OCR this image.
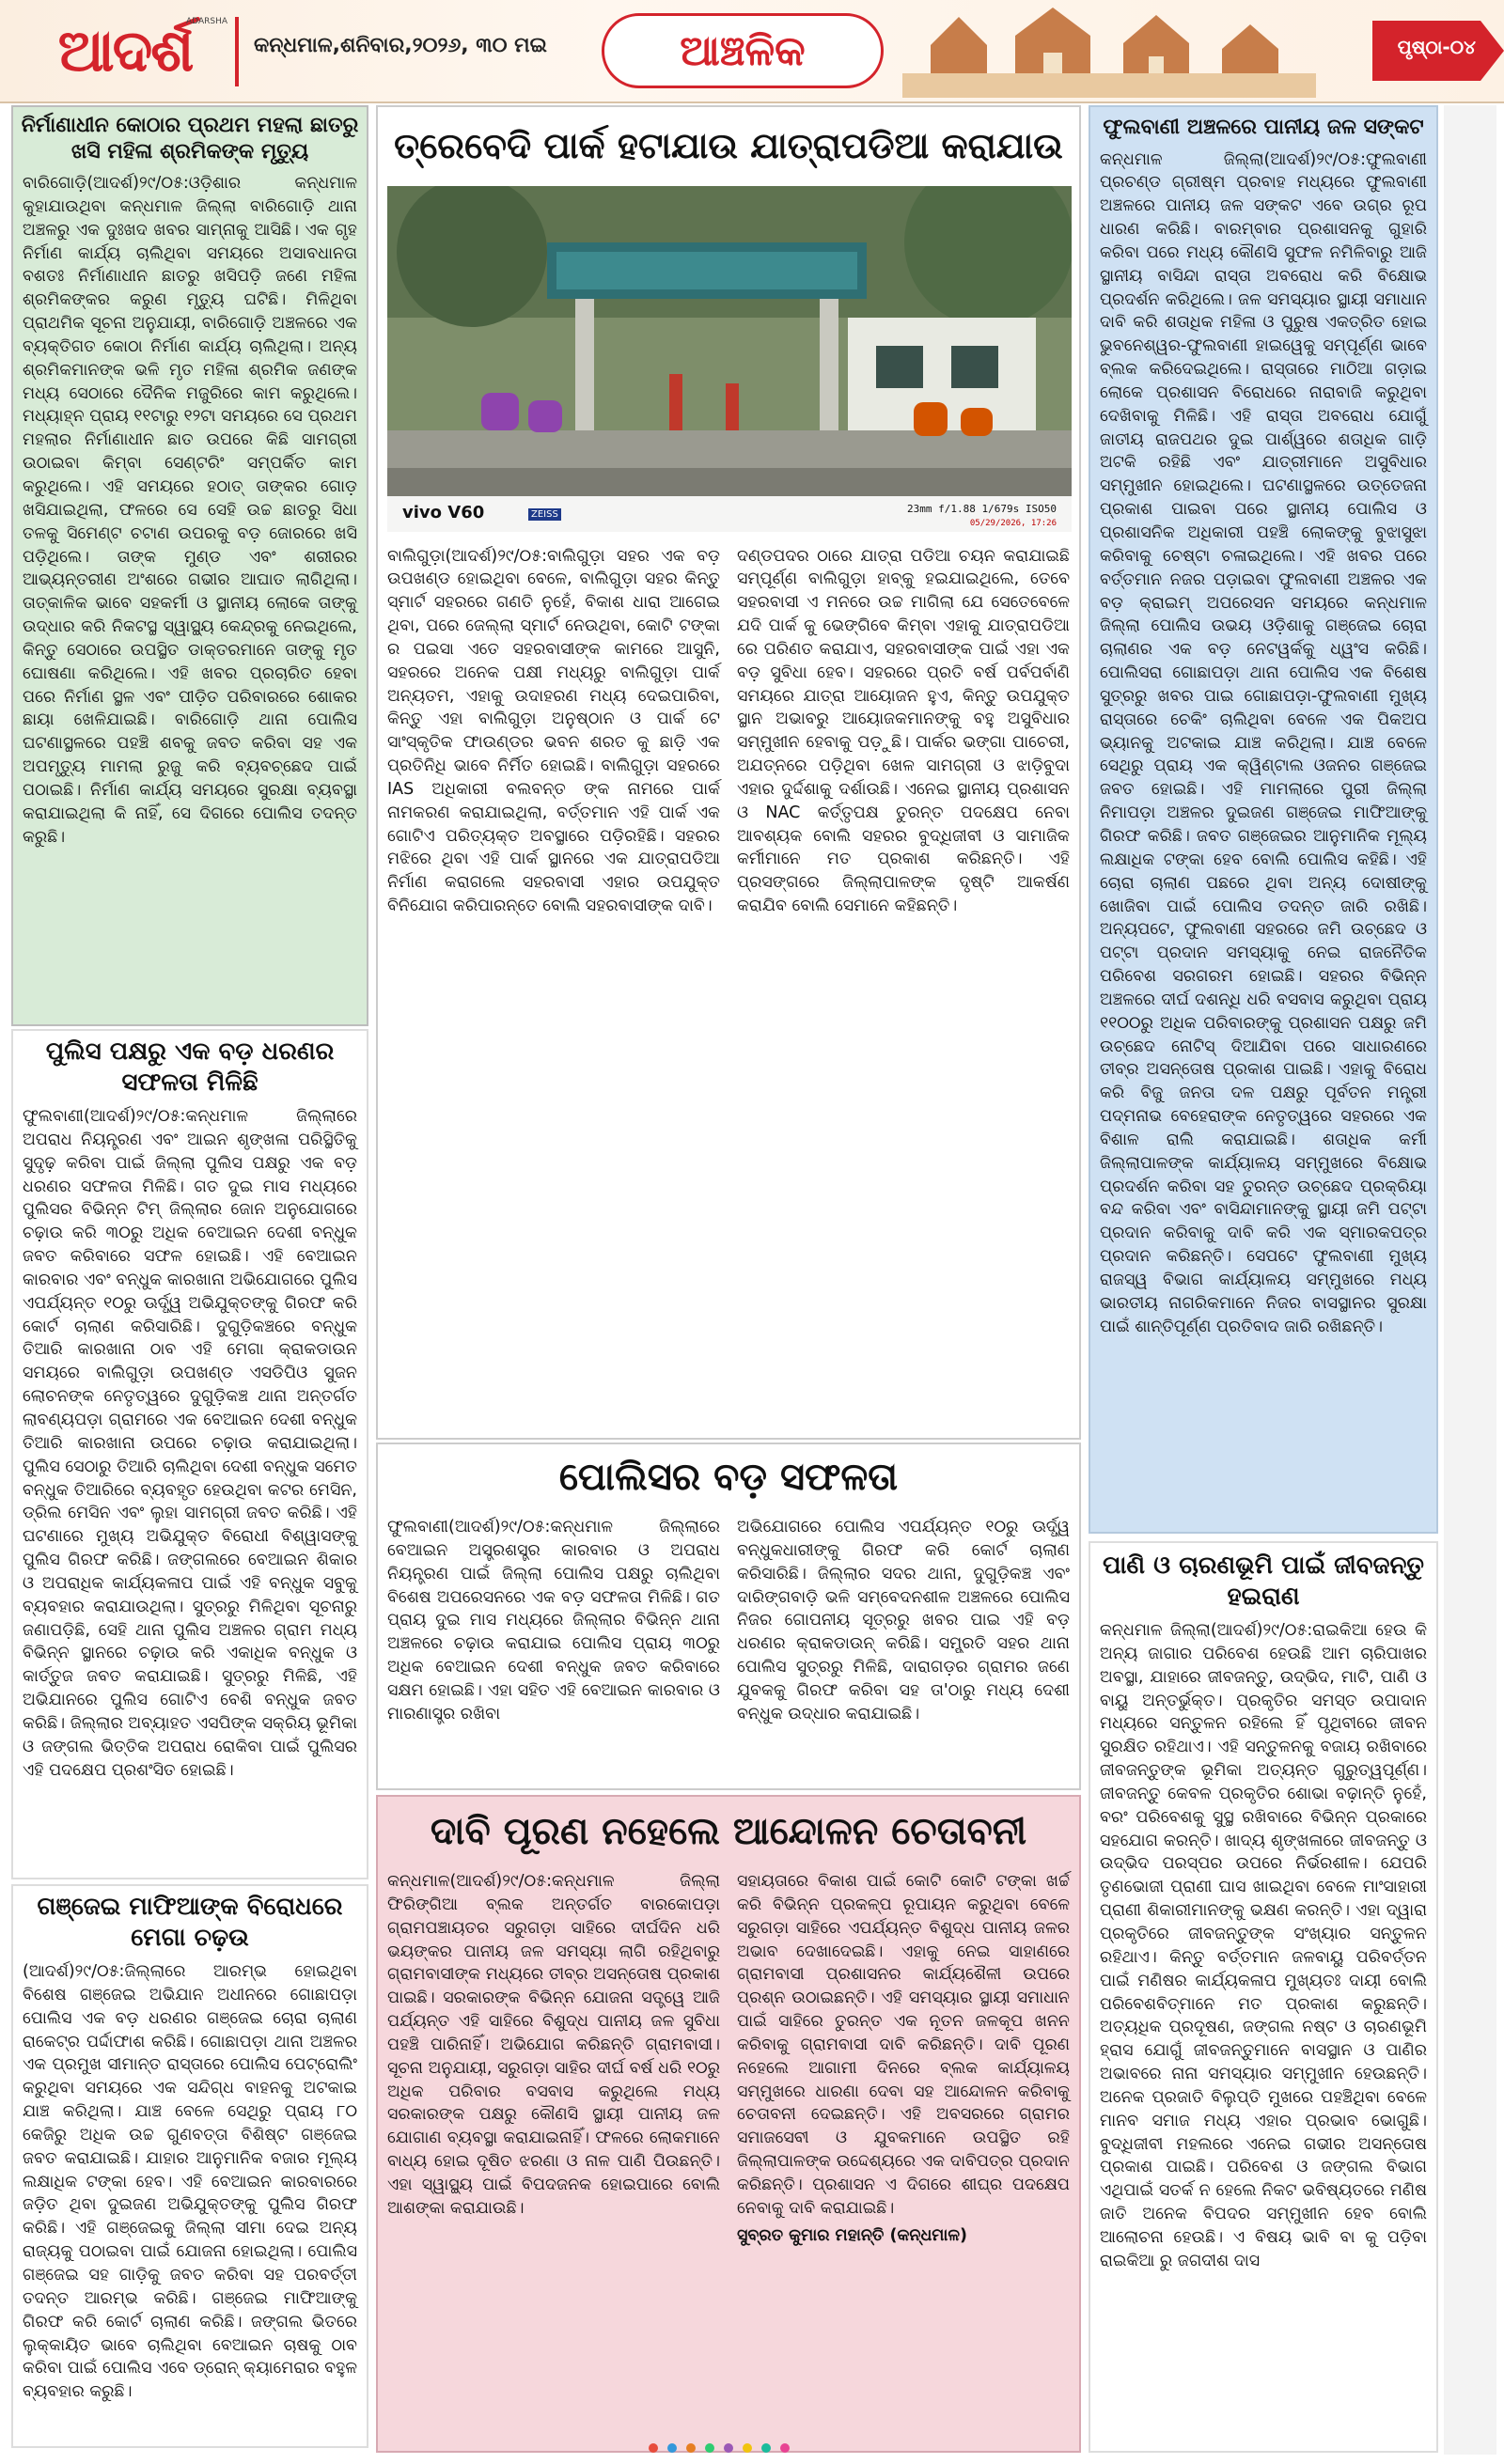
ଆଦର୍ଶ
ADARSHA
କନ୍ଧମାଳ,ଶନିବାର,୨୦୨୬, ୩୦ ମଇ	ଆଞ୍ଚଳିକ	ପୃଷ୍ଠା-୦୪
ନିର୍ମାଣାଧୀନ କୋଠାର ପ୍ରଥମ ମହଲା ଛାତରୁ ଖସି ମହିଳା ଶ୍ରମିକଙ୍କ ମୃତ୍ୟୁ

ବାରିଗୋଡ଼ି(ଆଦର୍ଶ)୨୯/୦୫:ଓଡ଼ିଶାର କନ୍ଧମାଳ କୁହାଯାଉଥିବା କନ୍ଧମାଳ ଜିଲ୍ଲା ବାରିଗୋଡ଼ି ଥାନା ଅଞ୍ଚଳରୁ ଏକ ଦୁଃଖଦ ଖବର ସାମ୍ନାକୁ ଆସିଛି। ଏକ ଗୃହ ନିର୍ମାଣ କାର୍ଯ୍ୟ ଚାଲିଥିବା ସମୟରେ ଅସାବଧାନତା ବଶତଃ ନିର୍ମାଣାଧୀନ ଛାତରୁ ଖସିପଡ଼ି ଜଣେ ମହିଳା ଶ୍ରମିକଙ୍କର କରୁଣ ମୃତ୍ୟୁ ଘଟିଛି। ମିଳିଥିବା ପ୍ରାଥମିକ ସୂଚନା ଅନୁଯାୟୀ, ବାରିଗୋଡ଼ି ଅଞ୍ଚଳରେ ଏକ ବ୍ୟକ୍ତିଗତ କୋଠା ନିର୍ମାଣ କାର୍ଯ୍ୟ ଚାଲିଥିଲା। ଅନ୍ୟ ଶ୍ରମିକମାନଙ୍କ ଭଳି ମୃତ ମହିଳା ଶ୍ରମିକ ଜଣଙ୍କ ମଧ୍ୟ ସେଠାରେ ଦୈନିକ ମଜୁରିରେ କାମ କରୁଥିଲେ। ମଧ୍ୟାହ୍ନ ପ୍ରାୟ ୧୧ଟାରୁ ୧୨ଟା ସମୟରେ ସେ ପ୍ରଥମ ମହଲାର ନିର୍ମାଣାଧୀନ ଛାତ ଉପରେ କିଛି ସାମଗ୍ରୀ ଉଠାଇବା କିମ୍ବା ସେଣ୍ଟରିଂ ସମ୍ପର୍କିତ କାମ କରୁଥିଲେ। ଏହି ସମୟରେ ହଠାତ୍ ତାଙ୍କର ଗୋଡ଼ ଖସିଯାଇଥିଲା, ଫଳରେ ସେ ସେହି ଉଚ୍ଚ ଛାତରୁ ସିଧା ତଳକୁ ସିମେଣ୍ଟ ଚଟାଣ ଉପରକୁ ବଡ଼ ଜୋରରେ ଖସି ପଡ଼ିଥିଲେ। ତାଙ୍କ ମୁଣ୍ଡ ଏବଂ ଶରୀରର ଆଭ୍ୟନ୍ତରୀଣ ଅଂଶରେ ଗଭୀର ଆଘାତ ଲାଗିଥିଲା। ତାତ୍କାଳିକ ଭାବେ ସହକର୍ମୀ ଓ ସ୍ଥାନୀୟ ଲୋକେ ତାଙ୍କୁ ଉଦ୍ଧାର କରି ନିକଟସ୍ଥ ସ୍ୱାସ୍ଥ୍ୟ କେନ୍ଦ୍ରକୁ ନେଇଥିଲେ, କିନ୍ତୁ ସେଠାରେ ଉପସ୍ଥିତ ଡାକ୍ତରମାନେ ତାଙ୍କୁ ମୃତ ଘୋଷଣା କରିଥିଲେ। ଏହି ଖବର ପ୍ରଚାରିତ ହେବା ପରେ ନିର୍ମାଣ ସ୍ଥଳ ଏବଂ ପୀଡ଼ିତ ପରିବାରରେ ଶୋକର ଛାୟା ଖେଳିଯାଇଛି। ବାରିଗୋଡ଼ି ଥାନା ପୋଲିସ ଘଟଣାସ୍ଥଳରେ ପହଞ୍ଚି ଶବକୁ ଜବତ କରିବା ସହ ଏକ ଅପମୃତ୍ୟୁ ମାମଲା ରୁଜୁ କରି ବ୍ୟବଚ୍ଛେଦ ପାଇଁ ପଠାଇଛି। ନିର୍ମାଣ କାର୍ଯ୍ୟ ସମୟରେ ସୁରକ୍ଷା ବ୍ୟବସ୍ଥା କରାଯାଇଥିଲା କି ନାହିଁ, ସେ ଦିଗରେ ପୋଲିସ ତଦନ୍ତ କରୁଛି।

ପୁଲିସ ପକ୍ଷରୁ ଏକ ବଡ଼ ଧରଣର ସଫଳତା ମିଳିଛି

ଫୁଲବାଣୀ(ଆଦର୍ଶ)୨୯/୦୫:କନ୍ଧମାଳ ଜିଲ୍ଲାରେ ଅପରାଧ ନିୟନ୍ତ୍ରଣ ଏବଂ ଆଇନ ଶୃଙ୍ଖଳା ପରିସ୍ଥିତିକୁ ସୁଦୃଢ଼ କରିବା ପାଇଁ ଜିଲ୍ଲା ପୁଲିସ ପକ୍ଷରୁ ଏକ ବଡ଼ ଧରଣର ସଫଳତା ମିଳିଛି। ଗତ ଦୁଇ ମାସ ମଧ୍ୟରେ ପୁଲିସର ବିଭିନ୍ନ ଟିମ୍ ଜିଲ୍ଲାର ଜୋନ ଅନୁଯୋଗରେ ଚଢ଼ାଉ କରି ୩୦ରୁ ଅଧିକ ବେଆଇନ ଦେଶୀ ବନ୍ଧୁକ ଜବତ କରିବାରେ ସଫଳ ହୋଇଛି। ଏହି ବେଆଇନ କାରବାର ଏବଂ ବନ୍ଧୁକ କାରଖାନା ଅଭିଯୋଗରେ ପୁଲିସ ଏପର୍ଯ୍ୟନ୍ତ ୧୦ରୁ ଊର୍ଦ୍ଧ୍ୱ ଅଭିଯୁକ୍ତଙ୍କୁ ଗିରଫ କରି କୋର୍ଟ ଚାଲାଣ କରିସାରିଛି। ଦୁଗୁଡ଼ିକଞ୍ଚରେ ବନ୍ଧୁକ ତିଆରି କାରଖାନା ଠାବ ଏହି ମେଗା କ୍ରାକଡାଉନ ସମୟରେ ବାଲିଗୁଡ଼ା ଉପଖଣ୍ଡ ଏସଡିପିଓ ସୁଜନ ଲୋଚନଙ୍କ ନେତୃତ୍ୱରେ ଦୁଗୁଡ଼ିକଞ୍ଚ ଥାନା ଅନ୍ତର୍ଗତ ଲାବଣ୍ୟପଡ଼ା ଗ୍ରାମରେ ଏକ ବେଆଇନ ଦେଶୀ ବନ୍ଧୁକ ତିଆରି କାରଖାନା ଉପରେ ଚଢ଼ାଉ କରାଯାଇଥିଲା। ପୁଲିସ ସେଠାରୁ ତିଆରି ଚାଲିଥିବା ଦେଶୀ ବନ୍ଧୁକ ସମେତ ବନ୍ଧୁକ ତିଆରିରେ ବ୍ୟବହୃତ ହେଉଥିବା କଟର ମେସିନ, ଡ୍ରିଲ ମେସିନ ଏବଂ ଲୁହା ସାମଗ୍ରୀ ଜବତ କରିଛି। ଏହି ଘଟଣାରେ ମୁଖ୍ୟ ଅଭିଯୁକ୍ତ ବିରୋଧୀ ବିଶ୍ୱାସଙ୍କୁ ପୁଲିସ ଗିରଫ କରିଛି। ଜଙ୍ଗଲରେ ବେଆଇନ ଶିକାର ଓ ଅପରାଧିକ କାର୍ଯ୍ୟକଳାପ ପାଇଁ ଏହି ବନ୍ଧୁକ ସବୁକୁ ବ୍ୟବହାର କରାଯାଉଥିଲା। ସୁତ୍ରରୁ ମିଳିଥିବା ସୂଚନାରୁ ଜଣାପଡ଼ିଛି, ସେହି ଥାନା ପୁଲିସ ଅଞ୍ଚଳର ଗ୍ରାମ ମଧ୍ୟ ବିଭିନ୍ନ ସ୍ଥାନରେ ଚଢ଼ାଉ କରି ଏକାଧିକ ବନ୍ଧୁକ ଓ କାର୍ତ୍ତୁଜ ଜବତ କରାଯାଇଛି। ସୁତ୍ରରୁ ମିଳିଛି, ଏହି ଅଭିଯାନରେ ପୁଲିସ ଗୋଟିଏ ବେଶି ବନ୍ଧୁକ ଜବତ କରିଛି। ଜିଲ୍ଲାର ଅବ୍ୟାହତ ଏସପିଙ୍କ ସକ୍ରିୟ ଭୂମିକା ଓ ଜଙ୍ଗଲ ଭିତ୍ତିକ ଅପରାଧ ରୋକିବା ପାଇଁ ପୁଲିସର ଏହି ପଦକ୍ଷେପ ପ୍ରଶଂସିତ ହୋଇଛି।

ଗଞ୍ଜେଇ ମାଫିଆଙ୍କ ବିରୋଧରେ ମେଗା ଚଢ଼ଉ

(ଆଦର୍ଶ)୨୯/୦୫:ଜିଲ୍ଲାରେ ଆରମ୍ଭ ହୋଇଥିବା ବିଶେଷ ଗଞ୍ଜେଇ ଅଭିଯାନ ଅଧୀନରେ ଗୋଛାପଡ଼ା ପୋଲିସ ଏକ ବଡ଼ ଧରଣର ଗଞ୍ଜେଇ ଚୋରା ଚାଲାଣ ରାକେଟ୍‌ର ପର୍ଦ୍ଦାଫାଶ କରିଛି। ଗୋଛାପଡ଼ା ଥାନା ଅଞ୍ଚଳର ଏକ ପ୍ରମୁଖ ସୀମାନ୍ତ ରାସ୍ତାରେ ପୋଲିସ ପେଟ୍ରୋଲିଂ କରୁଥିବା ସମୟରେ ଏକ ସନ୍ଦିଗ୍ଧ ବାହନକୁ ଅଟକାଇ ଯାଞ୍ଚ କରିଥିଲା। ଯାଞ୍ଚ ବେଳେ ସେଥିରୁ ପ୍ରାୟ ୮୦ କେଜିରୁ ଅଧିକ ଉଚ୍ଚ ଗୁଣବତ୍ତା ବିଶିଷ୍ଟ ଗଞ୍ଜେଇ ଜବତ କରାଯାଇଛି। ଯାହାର ଆନୁମାନିକ ବଜାର ମୂଲ୍ୟ ଲକ୍ଷାଧିକ ଟଙ୍କା ହେବ। ଏହି ବେଆଇନ କାରବାରରେ ଜଡ଼ିତ ଥିବା ଦୁଇଜଣ ଅଭିଯୁକ୍ତଙ୍କୁ ପୁଲିସ ଗିରଫ କରିଛି। ଏହି ଗଞ୍ଜେଇକୁ ଜିଲ୍ଲା ସୀମା ଦେଇ ଅନ୍ୟ ରାଜ୍ୟକୁ ପଠାଇବା ପାଇଁ ଯୋଜନା ହୋଇଥିଲା। ପୋଲିସ ଗଞ୍ଜେଇ ସହ ଗାଡ଼ିକୁ ଜବତ କରିବା ସହ ପରବର୍ତ୍ତୀ ତଦନ୍ତ ଆରମ୍ଭ କରିଛି। ଗଞ୍ଜେଇ ମାଫିଆଙ୍କୁ ଗିରଫ କରି କୋର୍ଟ ଚାଲାଣ କରିଛି। ଜଙ୍ଗଲ ଭିତରେ ଲୁକ୍କାୟିତ ଭାବେ ଚାଲିଥିବା ବେଆଇନ ଚାଷକୁ ଠାବ କରିବା ପାଇଁ ପୋଲିସ ଏବେ ଡ୍ରୋନ୍ କ୍ୟାମେରାର ବହୁଳ ବ୍ୟବହାର କରୁଛି।

ତ୍ରେବେଦି ପାର୍କ ହଟାଯାଉ ଯାତ୍ରାପଡିଆ କରାଯାଉ
vivo V60	ZEISS	23mm f/1.88 1/679s ISO50
05/29/2026, 17:26

ବାଲିଗୁଡ଼ା(ଆଦର୍ଶ)୨୯/୦୫:ବାଲିଗୁଡ଼ା ସହର ଏକ ବଡ଼ ଉପଖଣ୍ଡ ହୋଇଥିବା ବେଳେ, ବାଲିଗୁଡ଼ା ସହର କିନ୍ତୁ ସ୍ମାର୍ଟ ସହରରେ ଗଣତି ନୁହେଁ, ବିକାଶ ଧାରା ଆଗେଇ ଥିବା, ପରେ ଜେଲ୍ଲା ସ୍ମାର୍ଟ ନେଉଥିବା, କୋଟି ଟଙ୍କା ର ପଇସା ଏତେ ସହରବାସୀଙ୍କ କାମରେ ଆସୁନି, ସହରରେ ଅନେକ ପକ୍ଷୀ ମଧ୍ୟରୁ ବାଲିଗୁଡ଼ା ପାର୍କ ଅନ୍ୟତମ, ଏହାକୁ ଉଦାହରଣ ମଧ୍ୟ ଦେଇପାରିବା, କିନ୍ତୁ ଏହା ବାଲିଗୁଡ଼ା ଅନୁଷ୍ଠାନ ଓ ପାର୍କ ଟେ ସାଂସ୍କୃତିକ ଫାଉଣ୍ଡର ଭବନ ଶରତ କୁ ଛାଡ଼ି ଏକ ପ୍ରତିନିଧି ଭାବେ ନିର୍ମିତ ହୋଇଛି। ବାଲିଗୁଡ଼ା ସହରରେ IAS ଅଧିକାରୀ ବଲବନ୍ତ ଙ୍କ ନାମରେ ପାର୍କ ନାମକରଣ କରାଯାଇଥିଲା, ବର୍ତ୍ତମାନ ଏହି ପାର୍କ ଏକ ଗୋଟିଏ ପରିତ୍ୟକ୍ତ ଅବସ୍ଥାରେ ପଡ଼ିରହିଛି। ସହରର ମଝିରେ ଥିବା ଏହି ପାର୍କ ସ୍ଥାନରେ ଏକ ଯାତ୍ରାପଡିଆ ନିର୍ମାଣ କରାଗଲେ ସହରବାସୀ ଏହାର ଉପଯୁକ୍ତ ବିନିଯୋଗ କରିପାରନ୍ତେ ବୋଲି ସହରବାସୀଙ୍କ ଦାବି।

ଦଣ୍ଡପଦର ଠାରେ ଯାତ୍ରା ପଡିଆ ଚୟନ କରାଯାଇଛି ସମ୍ପୂର୍ଣ୍ଣ ବାଲିଗୁଡ଼ା ହାବ୍‌କୁ ହଇଯାଇଥିଲେ, ତେବେ ସହରବାସୀ ଏ ମନରେ ଉଚ୍ଚ ମାଗିଲା ଯେ ସେତେବେଳେ ଯଦି ପାର୍କ କୁ ଭେଙ୍ଗିବେ କିମ୍ବା ଏହାକୁ ଯାତ୍ରାପଡିଆ ରେ ପରିଣତ କରାଯାଏ, ସହରବାସୀଙ୍କ ପାଇଁ ଏହା ଏକ ବଡ଼ ସୁବିଧା ହେବ। ସହରରେ ପ୍ରତି ବର୍ଷ ପର୍ବପର୍ବାଣି ସମୟରେ ଯାତ୍ରା ଆୟୋଜନ ହୁଏ, କିନ୍ତୁ ଉପଯୁକ୍ତ ସ୍ଥାନ ଅଭାବରୁ ଆୟୋଜକମାନଙ୍କୁ ବହୁ ଅସୁବିଧାର ସମ୍ମୁଖୀନ ହେବାକୁ ପଡ଼ୁଛି। ପାର୍କର ଭଙ୍ଗା ପାଚେରୀ, ଅଯତ୍ନରେ ପଡ଼ିଥିବା ଖେଳ ସାମଗ୍ରୀ ଓ ଝାଡ଼ିବୁଦା ଏହାର ଦୁର୍ଦ୍ଦଶାକୁ ଦର୍ଶାଉଛି। ଏନେଇ ସ୍ଥାନୀୟ ପ୍ରଶାସନ ଓ NAC କର୍ତ୍ତୃପକ୍ଷ ତୁରନ୍ତ ପଦକ୍ଷେପ ନେବା ଆବଶ୍ୟକ ବୋଲି ସହରର ବୁଦ୍ଧିଜୀବୀ ଓ ସାମାଜିକ କର୍ମୀମାନେ ମତ ପ୍ରକାଶ କରିଛନ୍ତି। ଏହି ପ୍ରସଙ୍ଗରେ ଜିଲ୍ଲାପାଳଙ୍କ ଦୃଷ୍ଟି ଆକର୍ଷଣ କରାଯିବ ବୋଲି ସେମାନେ କହିଛନ୍ତି।

ପୋଲିସର ବଡ଼ ସଫଳତା

ଫୁଲବାଣୀ(ଆଦର୍ଶ)୨୯/୦୫:କନ୍ଧମାଳ ଜିଲ୍ଲାରେ ବେଆଇନ ଅସ୍ତ୍ରଶସ୍ତ୍ର କାରବାର ଓ ଅପରାଧ ନିୟନ୍ତ୍ରଣ ପାଇଁ ଜିଲ୍ଲା ପୋଲିସ ପକ୍ଷରୁ ଚାଲିଥିବା ବିଶେଷ ଅପରେସନରେ ଏକ ବଡ଼ ସଫଳତା ମିଳିଛି। ଗତ ପ୍ରାୟ ଦୁଇ ମାସ ମଧ୍ୟରେ ଜିଲ୍ଲାର ବିଭିନ୍ନ ଥାନା ଅଞ୍ଚଳରେ ଚଢ଼ାଉ କରାଯାଇ ପୋଲିସ ପ୍ରାୟ ୩୦ରୁ ଅଧିକ ବେଆଇନ ଦେଶୀ ବନ୍ଧୁକ ଜବତ କରିବାରେ ସକ୍ଷମ ହୋଇଛି। ଏହା ସହିତ ଏହି ବେଆଇନ କାରବାର ଓ ମାରଣାସ୍ତ୍ର ରଖିବା

ଅଭିଯୋଗରେ ପୋଲିସ ଏପର୍ଯ୍ୟନ୍ତ ୧୦ରୁ ଊର୍ଦ୍ଧ୍ୱ ବନ୍ଧୁକଧାରୀଙ୍କୁ ଗିରଫ କରି କୋର୍ଟ ଚାଲାଣ କରିସାରିଛି। ଜିଲ୍ଲାର ସଦର ଥାନା, ଦୁଗୁଡ଼ିକଞ୍ଚ ଏବଂ ଦାରିଙ୍ଗବାଡ଼ି ଭଳି ସମ୍ବେଦନଶୀଳ ଅଞ୍ଚଳରେ ପୋଲିସ ନିଜର ଗୋପନୀୟ ସୂତ୍ରରୁ ଖବର ପାଇ ଏହି ବଡ଼ ଧରଣର କ୍ରାକଡାଉନ୍ କରିଛି। ସମ୍ପ୍ରତି ସହର ଥାନା ପୋଲିସ ସୁତ୍ରରୁ ମିଳିଛି, ଦାରାଗଡ଼ର ଗ୍ରାମର ଜଣେ ଯୁବକକୁ ଗିରଫ କରିବା ସହ ତା'ଠାରୁ ମଧ୍ୟ ଦେଶୀ ବନ୍ଧୁକ ଉଦ୍ଧାର କରାଯାଇଛି।

ଦାବି ପୂରଣ ନହେଲେ ଆନ୍ଦୋଳନ ଚେତାବନୀ

କନ୍ଧମାଳ(ଆଦର୍ଶ)୨୯/୦୫:କନ୍ଧମାଳ ଜିଲ୍ଲା ଫିରିଙ୍ଗିଆ ବ୍ଲକ ଅନ୍ତର୍ଗତ ବାରକୋପଡ଼ା ଗ୍ରାମପଞ୍ଚାୟତର ସରୁଗଡ଼ା ସାହିରେ ଦୀର୍ଘଦିନ ଧରି ଭୟଙ୍କର ପାନୀୟ ଜଳ ସମସ୍ୟା ଲାଗି ରହିଥିବାରୁ ଗ୍ରାମବାସୀଙ୍କ ମଧ୍ୟରେ ତୀବ୍ର ଅସନ୍ତୋଷ ପ୍ରକାଶ ପାଇଛି। ସରକାରଙ୍କ ବିଭିନ୍ନ ଯୋଜନା ସତ୍ତ୍ୱେ ଆଜି ପର୍ଯ୍ୟନ୍ତ ଏହି ସାହିରେ ବିଶୁଦ୍ଧ ପାନୀୟ ଜଳ ସୁବିଧା ପହଞ୍ଚି ପାରିନାହିଁ। ଅଭିଯୋଗ କରିଛନ୍ତି ଗ୍ରାମବାସୀ। ସୂଚନା ଅନୁଯାୟୀ, ସରୁଗଡ଼ା ସାହିର ଦୀର୍ଘ ବର୍ଷ ଧରି ୧୦ରୁ ଅଧିକ ପରିବାର ବସବାସ କରୁଥିଲେ ମଧ୍ୟ ସରକାରଙ୍କ ପକ୍ଷରୁ କୌଣସି ସ୍ଥାୟୀ ପାନୀୟ ଜଳ ଯୋଗାଣ ବ୍ୟବସ୍ଥା କରାଯାଇନାହିଁ। ଫଳରେ ଲୋକମାନେ ବାଧ୍ୟ ହୋଇ ଦୂଷିତ ଝରଣା ଓ ନାଳ ପାଣି ପିଉଛନ୍ତି। ଏହା ସ୍ୱାସ୍ଥ୍ୟ ପାଇଁ ବିପଦଜନକ ହୋଇପାରେ ବୋଲି ଆଶଙ୍କା କରାଯାଉଛି।

ସହାୟତାରେ ବିକାଶ ପାଇଁ କୋଟି କୋଟି ଟଙ୍କା ଖର୍ଚ୍ଚ କରି ବିଭିନ୍ନ ପ୍ରକଳ୍ପ ରୂପାୟନ କରୁଥିବା ବେଳେ ସରୁଗଡ଼ା ସାହିରେ ଏପର୍ଯ୍ୟନ୍ତ ବିଶୁଦ୍ଧ ପାନୀୟ ଜଳର ଅଭାବ ଦେଖାଦେଇଛି। ଏହାକୁ ନେଇ ସାହାଣରେ ଗ୍ରାମବାସୀ ପ୍ରଶାସନର କାର୍ଯ୍ୟଶୈଳୀ ଉପରେ ପ୍ରଶ୍ନ ଉଠାଇଛନ୍ତି। ଏହି ସମସ୍ୟାର ସ୍ଥାୟୀ ସମାଧାନ ପାଇଁ ସାହିରେ ତୁରନ୍ତ ଏକ ନୂତନ ଜଳକୂପ ଖନନ କରିବାକୁ ଗ୍ରାମବାସୀ ଦାବି କରିଛନ୍ତି। ଦାବି ପୂରଣ ନହେଲେ ଆଗାମୀ ଦିନରେ ବ୍ଲକ କାର୍ଯ୍ୟାଳୟ ସମ୍ମୁଖରେ ଧାରଣା ଦେବା ସହ ଆନ୍ଦୋଳନ କରିବାକୁ ଚେତାବନୀ ଦେଇଛନ୍ତି। ଏହି ଅବସରରେ ଗ୍ରାମର ସମାଜସେବୀ ଓ ଯୁବକମାନେ ଉପସ୍ଥିତ ରହି ଜିଲ୍ଲାପାଳଙ୍କ ଉଦ୍ଦେଶ୍ୟରେ ଏକ ଦାବିପତ୍ର ପ୍ରଦାନ କରିଛନ୍ତି। ପ୍ରଶାସନ ଏ ଦିଗରେ ଶୀଘ୍ର ପଦକ୍ଷେପ ନେବାକୁ ଦାବି କରାଯାଇଛି।

ସୁବ୍ରତ କୁମାର ମହାନ୍ତି (କନ୍ଧମାଳ)

ଫୁଲବାଣୀ ଅଞ୍ଚଳରେ ପାନୀୟ ଜଳ ସଙ୍କଟ

କନ୍ଧମାଳ ଜିଲ୍ଲା(ଆଦର୍ଶ)୨୯/୦୫:ଫୁଲବାଣୀ ପ୍ରଚଣ୍ଡ ଗ୍ରୀଷ୍ମ ପ୍ରବାହ ମଧ୍ୟରେ ଫୁଲବାଣୀ ଅଞ୍ଚଳରେ ପାନୀୟ ଜଳ ସଙ୍କଟ ଏବେ ଉଗ୍ର ରୂପ ଧାରଣ କରିଛି। ବାରମ୍ବାର ପ୍ରଶାସନକୁ ଗୁହାରି କରିବା ପରେ ମଧ୍ୟ କୌଣସି ସୁଫଳ ନମିଳିବାରୁ ଆଜି ସ୍ଥାନୀୟ ବାସିନ୍ଦା ରାସ୍ତା ଅବରୋଧ କରି ବିକ୍ଷୋଭ ପ୍ରଦର୍ଶନ କରିଥିଲେ। ଜଳ ସମସ୍ୟାର ସ୍ଥାୟୀ ସମାଧାନ ଦାବି କରି ଶତାଧିକ ମହିଳା ଓ ପୁରୁଷ ଏକତ୍ରିତ ହୋଇ ଭୁବନେଶ୍ୱର-ଫୁଲବାଣୀ ହାଇୱେକୁ ସମ୍ପୂର୍ଣ୍ଣ ଭାବେ ବ୍ଲକ କରିଦେଇଥିଲେ। ରାସ୍ତାରେ ମାଠିଆ ଗଡ଼ାଇ ଲୋକେ ପ୍ରଶାସନ ବିରୋଧରେ ନାରାବାଜି କରୁଥିବା ଦେଖିବାକୁ ମିଳିଛି। ଏହି ରାସ୍ତା ଅବରୋଧ ଯୋଗୁଁ ଜାତୀୟ ରାଜପଥର ଦୁଇ ପାର୍ଶ୍ୱରେ ଶତାଧିକ ଗାଡ଼ି ଅଟକି ରହିଛି ଏବଂ ଯାତ୍ରୀମାନେ ଅସୁବିଧାର ସମ୍ମୁଖୀନ ହୋଇଥିଲେ। ଘଟଣାସ୍ଥଳରେ ଉତ୍ତେଜନା ପ୍ରକାଶ ପାଇବା ପରେ ସ୍ଥାନୀୟ ପୋଲିସ ଓ ପ୍ରଶାସନିକ ଅଧିକାରୀ ପହଞ୍ଚି ଲୋକଙ୍କୁ ବୁଝାସୁଝା କରିବାକୁ ଚେଷ୍ଟା ଚଳାଇଥିଲେ। ଏହି ଖବର ପରେ ବର୍ତ୍ତମାନ ନଜର ପଡ଼ାଇବା ଫୁଲବାଣୀ ଅଞ୍ଚଳର ଏକ ବଡ଼ କ୍ରାଇମ୍ ଅପରେସନ ସମୟରେ କନ୍ଧମାଳ ଜିଲ୍ଲା ପୋଲିସ ଉଭୟ ଓଡ଼ିଶାକୁ ଗଞ୍ଜେଇ ଚୋରା ଚାଲାଣର ଏକ ବଡ଼ ନେଟୱର୍କକୁ ଧ୍ୱଂସ କରିଛି। ପୋଲିସରା ଗୋଛାପଡ଼ା ଥାନା ପୋଲିସ ଏକ ବିଶେଷ ସୁତ୍ରରୁ ଖବର ପାଇ ଗୋଛାପଡ଼ା-ଫୁଲବାଣୀ ମୁଖ୍ୟ ରାସ୍ତାରେ ଚେକିଂ ଚାଲିଥିବା ବେଳେ ଏକ ପିକଅପ ଭ୍ୟାନକୁ ଅଟକାଇ ଯାଞ୍ଚ କରିଥିଲା। ଯାଞ୍ଚ ବେଳେ ସେଥିରୁ ପ୍ରାୟ ଏକ କ୍ୱିଣ୍ଟାଲ ଓଜନର ଗଞ୍ଜେଇ ଜବତ ହୋଇଛି। ଏହି ମାମଲାରେ ପୁରୀ ଜିଲ୍ଲା ନିମାପଡ଼ା ଅଞ୍ଚଳର ଦୁଇଜଣ ଗଞ୍ଜେଇ ମାଫିଆଙ୍କୁ ଗିରଫ କରିଛି। ଜବତ ଗଞ୍ଜେଇର ଆନୁମାନିକ ମୂଲ୍ୟ ଲକ୍ଷାଧିକ ଟଙ୍କା ହେବ ବୋଲି ପୋଲିସ କହିଛି। ଏହି ଚୋରା ଚାଲାଣ ପଛରେ ଥିବା ଅନ୍ୟ ଦୋଷୀଙ୍କୁ ଖୋଜିବା ପାଇଁ ପୋଲିସ ତଦନ୍ତ ଜାରି ରଖିଛି। ଅନ୍ୟପଟେ, ଫୁଲବାଣୀ ସହରରେ ଜମି ଉଚ୍ଛେଦ ଓ ପଟ୍ଟା ପ୍ରଦାନ ସମସ୍ୟାକୁ ନେଇ ରାଜନୈତିକ ପରିବେଶ ସରଗରମ ହୋଇଛି। ସହରର ବିଭିନ୍ନ ଅଞ୍ଚଳରେ ଦୀର୍ଘ ଦଶନ୍ଧି ଧରି ବସବାସ କରୁଥିବା ପ୍ରାୟ ୧୧୦୦ରୁ ଅଧିକ ପରିବାରଙ୍କୁ ପ୍ରଶାସନ ପକ୍ଷରୁ ଜମି ଉଚ୍ଛେଦ ନୋଟିସ୍ ଦିଆଯିବା ପରେ ସାଧାରଣରେ ତୀବ୍ର ଅସନ୍ତୋଷ ପ୍ରକାଶ ପାଇଛି। ଏହାକୁ ବିରୋଧ କରି ବିଜୁ ଜନତା ଦଳ ପକ୍ଷରୁ ପୂର୍ବତନ ମନ୍ତ୍ରୀ ପଦ୍ମନାଭ ବେହେରାଙ୍କ ନେତୃତ୍ୱରେ ସହରରେ ଏକ ବିଶାଳ ରାଲି କରାଯାଇଛି। ଶତାଧିକ କର୍ମୀ ଜିଲ୍ଲାପାଳଙ୍କ କାର୍ଯ୍ୟାଳୟ ସମ୍ମୁଖରେ ବିକ୍ଷୋଭ ପ୍ରଦର୍ଶନ କରିବା ସହ ତୁରନ୍ତ ଉଚ୍ଛେଦ ପ୍ରକ୍ରିୟା ବନ୍ଦ କରିବା ଏବଂ ବାସିନ୍ଦାମାନଙ୍କୁ ସ୍ଥାୟୀ ଜମି ପଟ୍ଟା ପ୍ରଦାନ କରିବାକୁ ଦାବି କରି ଏକ ସ୍ମାରକପତ୍ର ପ୍ରଦାନ କରିଛନ୍ତି। ସେପଟେ ଫୁଲବାଣୀ ମୁଖ୍ୟ ରାଜସ୍ୱ ବିଭାଗ କାର୍ଯ୍ୟାଳୟ ସମ୍ମୁଖରେ ମଧ୍ୟ ଭାରତୀୟ ନାଗରିକମାନେ ନିଜର ବାସସ୍ଥାନର ସୁରକ୍ଷା ପାଇଁ ଶାନ୍ତିପୂର୍ଣ୍ଣ ପ୍ରତିବାଦ ଜାରି ରଖିଛନ୍ତି।

ପାଣି ଓ ଚାରଣଭୂମି ପାଇଁ ଜୀବଜନ୍ତୁ ହଇରାଣ

କନ୍ଧମାଳ ଜିଲ୍ଲା(ଆଦର୍ଶ)୨୯/୦୫:ରାଇକିଆ ହେଉ କି ଅନ୍ୟ ଜାଗାର ପରିବେଶ ହେଉଛି ଆମ ଚାରିପାଖର ଅବସ୍ଥା, ଯାହାରେ ଜୀବଜନ୍ତୁ, ଉଦ୍ଭିଦ, ମାଟି, ପାଣି ଓ ବାୟୁ ଅନ୍ତର୍ଭୁକ୍ତ। ପ୍ରକୃତିର ସମସ୍ତ ଉପାଦାନ ମଧ୍ୟରେ ସନ୍ତୁଳନ ରହିଲେ ହିଁ ପୃଥିବୀରେ ଜୀବନ ସୁରକ୍ଷିତ ରହିଥାଏ। ଏହି ସନ୍ତୁଳନକୁ ବଜାୟ ରଖିବାରେ ଜୀବଜନ୍ତୁଙ୍କ ଭୂମିକା ଅତ୍ୟନ୍ତ ଗୁରୁତ୍ୱପୂର୍ଣ୍ଣ। ଜୀବଜନ୍ତୁ କେବଳ ପ୍ରକୃତିର ଶୋଭା ବଢ଼ାନ୍ତି ନୁହେଁ, ବରଂ ପରିବେଶକୁ ସୁସ୍ଥ ରଖିବାରେ ବିଭିନ୍ନ ପ୍ରକାରେ ସହଯୋଗ କରନ୍ତି। ଖାଦ୍ୟ ଶୃଙ୍ଖଳାରେ ଜୀବଜନ୍ତୁ ଓ ଉଦ୍ଭିଦ ପରସ୍ପର ଉପରେ ନିର୍ଭରଶୀଳ। ଯେପରି ତୃଣଭୋଜୀ ପ୍ରାଣୀ ଘାସ ଖାଇଥିବା ବେଳେ ମାଂସାହାରୀ ପ୍ରାଣୀ ଶିକାରୀମାନଙ୍କୁ ଭକ୍ଷଣ କରନ୍ତି। ଏହା ଦ୍ୱାରା ପ୍ରକୃତିରେ ଜୀବଜନ୍ତୁଙ୍କ ସଂଖ୍ୟାର ସନ୍ତୁଳନ ରହିଥାଏ। କିନ୍ତୁ ବର୍ତ୍ତମାନ ଜଳବାୟୁ ପରିବର୍ତ୍ତନ ପାଇଁ ମଣିଷର କାର୍ଯ୍ୟକଳାପ ମୁଖ୍ୟତଃ ଦାୟୀ ବୋଲି ପରିବେଶବିତ୍‌ମାନେ ମତ ପ୍ରକାଶ କରୁଛନ୍ତି। ଅତ୍ୟଧିକ ପ୍ରଦୂଷଣ, ଜଙ୍ଗଲ ନଷ୍ଟ ଓ ଚାରଣଭୂମି ହ୍ରାସ ଯୋଗୁଁ ଜୀବଜନ୍ତୁମାନେ ବାସସ୍ଥାନ ଓ ପାଣିର ଅଭାବରେ ନାନା ସମସ୍ୟାର ସମ୍ମୁଖୀନ ହେଉଛନ୍ତି। ଅନେକ ପ୍ରଜାତି ବିଲୁପ୍ତି ମୁଖରେ ପହଞ୍ଚିଥିବା ବେଳେ ମାନବ ସମାଜ ମଧ୍ୟ ଏହାର ପ୍ରଭାବ ଭୋଗୁଛି। ବୁଦ୍ଧିଜୀବୀ ମହଲରେ ଏନେଇ ଗଭୀର ଅସନ୍ତୋଷ ପ୍ରକାଶ ପାଇଛି। ପରିବେଶ ଓ ଜଙ୍ଗଲ ବିଭାଗ ଏଥିପାଇଁ ସତର୍କ ନ ହେଲେ ନିକଟ ଭବିଷ୍ୟତରେ ମଣିଷ ଜାତି ଅନେକ ବିପଦର ସମ୍ମୁଖୀନ ହେବ ବୋଲି ଆଲୋଚନା ହେଉଛି। ଏ ବିଷୟ ଭାବି ବା କୁ ପଡ଼ିବା ରାଇକିଆ ରୁ ଜଗଦୀଶ ଦାସ
